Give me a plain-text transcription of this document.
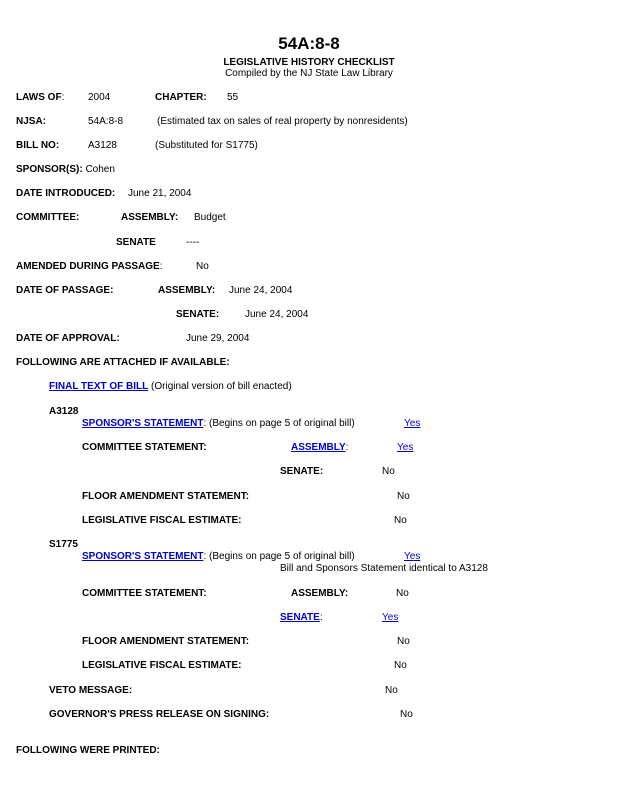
54A:8-8
LEGISLATIVE HISTORY CHECKLIST
Compiled by the NJ State Law Library
LAWS OF: 2004	CHAPTER: 55
NJSA:	54A:8-8	(Estimated tax on sales of real property by nonresidents)
BILL NO:	A3128	(Substituted for S1775)
SPONSOR(S): Cohen
DATE INTRODUCED: June 21, 2004
COMMITTEE:	ASSEMBLY: Budget
SENATE	----
AMENDED DURING PASSAGE:	No
DATE OF PASSAGE:	ASSEMBLY: June 24, 2004
SENATE:	June 24, 2004
DATE OF APPROVAL:	June 29, 2004
FOLLOWING ARE ATTACHED IF AVAILABLE:
FINAL TEXT OF BILL (Original version of bill enacted)
A3128
SPONSOR'S STATEMENT: (Begins on page 5 of original bill)	Yes
COMMITTEE STATEMENT:	ASSEMBLY:	Yes
SENATE:	No
FLOOR AMENDMENT STATEMENT:	No
LEGISLATIVE FISCAL ESTIMATE:	No
S1775
SPONSOR'S STATEMENT: (Begins on page 5 of original bill)	Yes
Bill and Sponsors Statement identical to A3128
COMMITTEE STATEMENT:	ASSEMBLY:	No
SENATE:	Yes
FLOOR AMENDMENT STATEMENT:	No
LEGISLATIVE FISCAL ESTIMATE:	No
VETO MESSAGE:	No
GOVERNOR'S PRESS RELEASE ON SIGNING:	No
FOLLOWING WERE PRINTED:
